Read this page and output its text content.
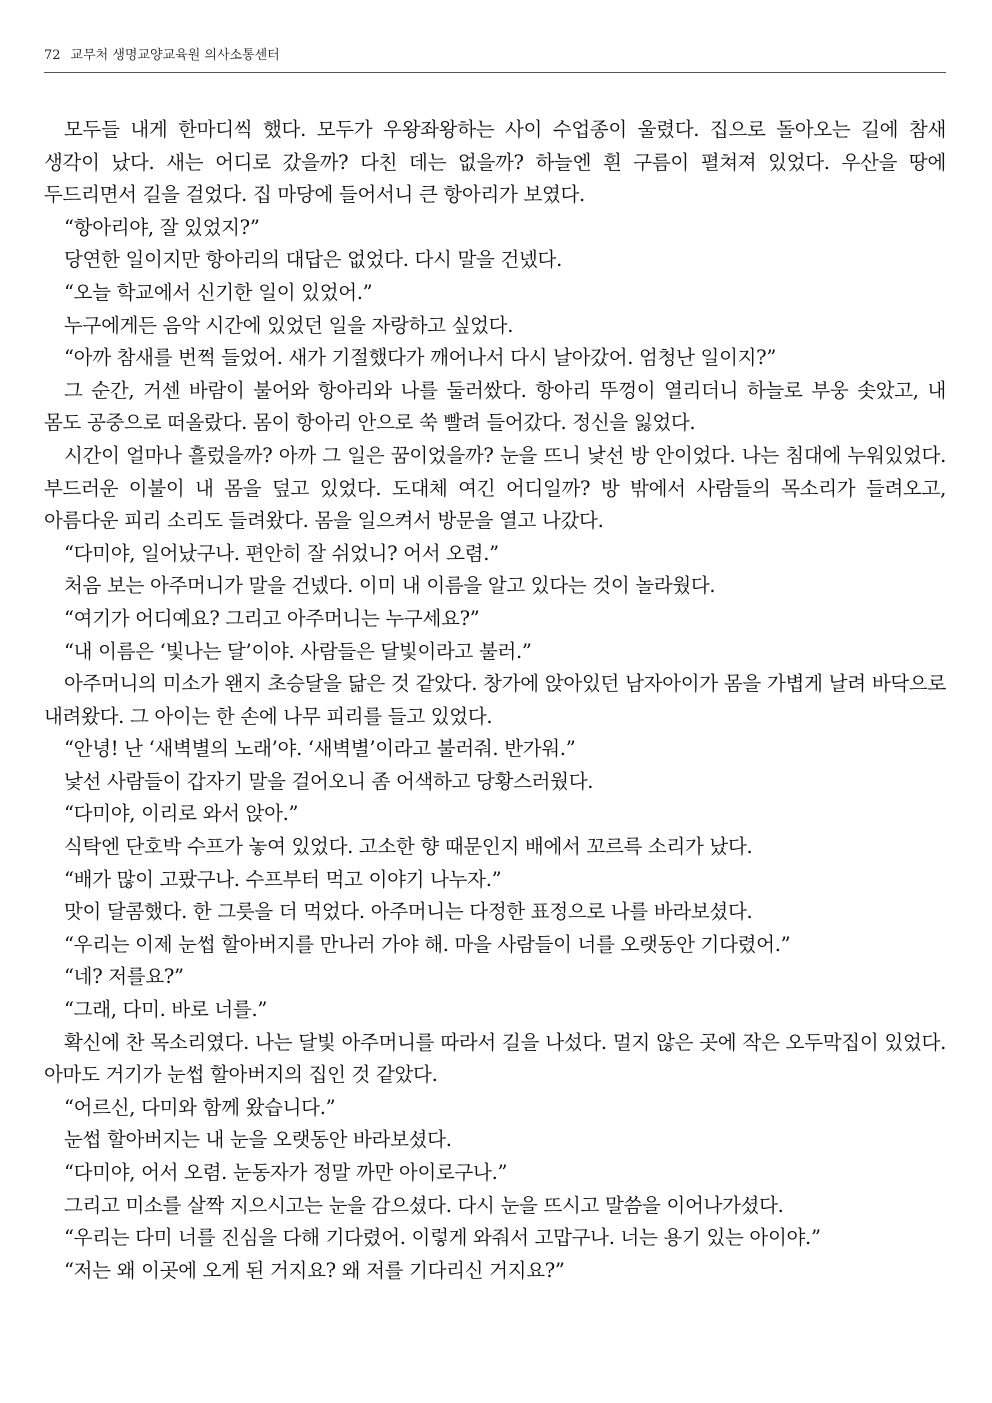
72 교무처 생명교양교육원 의사소통센터

모두들 내게 한마디씩 했다. 모두가 우왕좌왕하는 사이 수업종이 울렸다. 집으로 돌아오는 길에 참새 생각이 났다. 새는 어디로 갔을까? 다친 데는 없을까? 하늘엔 흰 구름이 펼쳐져 있었다. 우산을 땅에 두드리면서 길을 걸었다. 집 마당에 들어서니 큰 항아리가 보였다.

“항아리야, 잘 있었지?”

당연한 일이지만 항아리의 대답은 없었다. 다시 말을 건넸다.

“오늘 학교에서 신기한 일이 있었어.”

누구에게든 음악 시간에 있었던 일을 자랑하고 싶었다.

“아까 참새를 번쩍 들었어. 새가 기절했다가 깨어나서 다시 날아갔어. 엄청난 일이지?”

그 순간, 거센 바람이 불어와 항아리와 나를 둘러쌌다. 항아리 뚜껑이 열리더니 하늘로 부웅 솟았고, 내 몸도 공중으로 떠올랐다. 몸이 항아리 안으로 쑥 빨려 들어갔다. 정신을 잃었다.

시간이 얼마나 흘렀을까? 아까 그 일은 꿈이었을까? 눈을 뜨니 낯선 방 안이었다. 나는 침대에 누워있었다. 부드러운 이불이 내 몸을 덮고 있었다. 도대체 여긴 어디일까? 방 밖에서 사람들의 목소리가 들려오고, 아름다운 피리 소리도 들려왔다. 몸을 일으켜서 방문을 열고 나갔다.

“다미야, 일어났구나. 편안히 잘 쉬었니? 어서 오렴.”

처음 보는 아주머니가 말을 건넸다. 이미 내 이름을 알고 있다는 것이 놀라웠다.

“여기가 어디예요? 그리고 아주머니는 누구세요?”

“내 이름은 ‘빛나는 달’이야. 사람들은 달빛이라고 불러.”

아주머니의 미소가 왠지 초승달을 닮은 것 같았다. 창가에 앉아있던 남자아이가 몸을 가볍게 날려 바닥으로 내려왔다. 그 아이는 한 손에 나무 피리를 들고 있었다.

“안녕! 난 ‘새벽별의 노래’야. ‘새벽별’이라고 불러줘. 반가워.”

낯선 사람들이 갑자기 말을 걸어오니 좀 어색하고 당황스러웠다.

“다미야, 이리로 와서 앉아.”

식탁엔 단호박 수프가 놓여 있었다. 고소한 향 때문인지 배에서 꼬르륵 소리가 났다.

“배가 많이 고팠구나. 수프부터 먹고 이야기 나누자.”

맛이 달콤했다. 한 그릇을 더 먹었다. 아주머니는 다정한 표정으로 나를 바라보셨다.

“우리는 이제 눈썹 할아버지를 만나러 가야 해. 마을 사람들이 너를 오랫동안 기다렸어.”

“네? 저를요?”

“그래, 다미. 바로 너를.”

확신에 찬 목소리였다. 나는 달빛 아주머니를 따라서 길을 나섰다. 멀지 않은 곳에 작은 오두막집이 있었다. 아마도 거기가 눈썹 할아버지의 집인 것 같았다.

“어르신, 다미와 함께 왔습니다.”

눈썹 할아버지는 내 눈을 오랫동안 바라보셨다.

“다미야, 어서 오렴. 눈동자가 정말 까만 아이로구나.”

그리고 미소를 살짝 지으시고는 눈을 감으셨다. 다시 눈을 뜨시고 말씀을 이어나가셨다.

“우리는 다미 너를 진심을 다해 기다렸어. 이렇게 와줘서 고맙구나. 너는 용기 있는 아이야.”

“저는 왜 이곳에 오게 된 거지요? 왜 저를 기다리신 거지요?”
